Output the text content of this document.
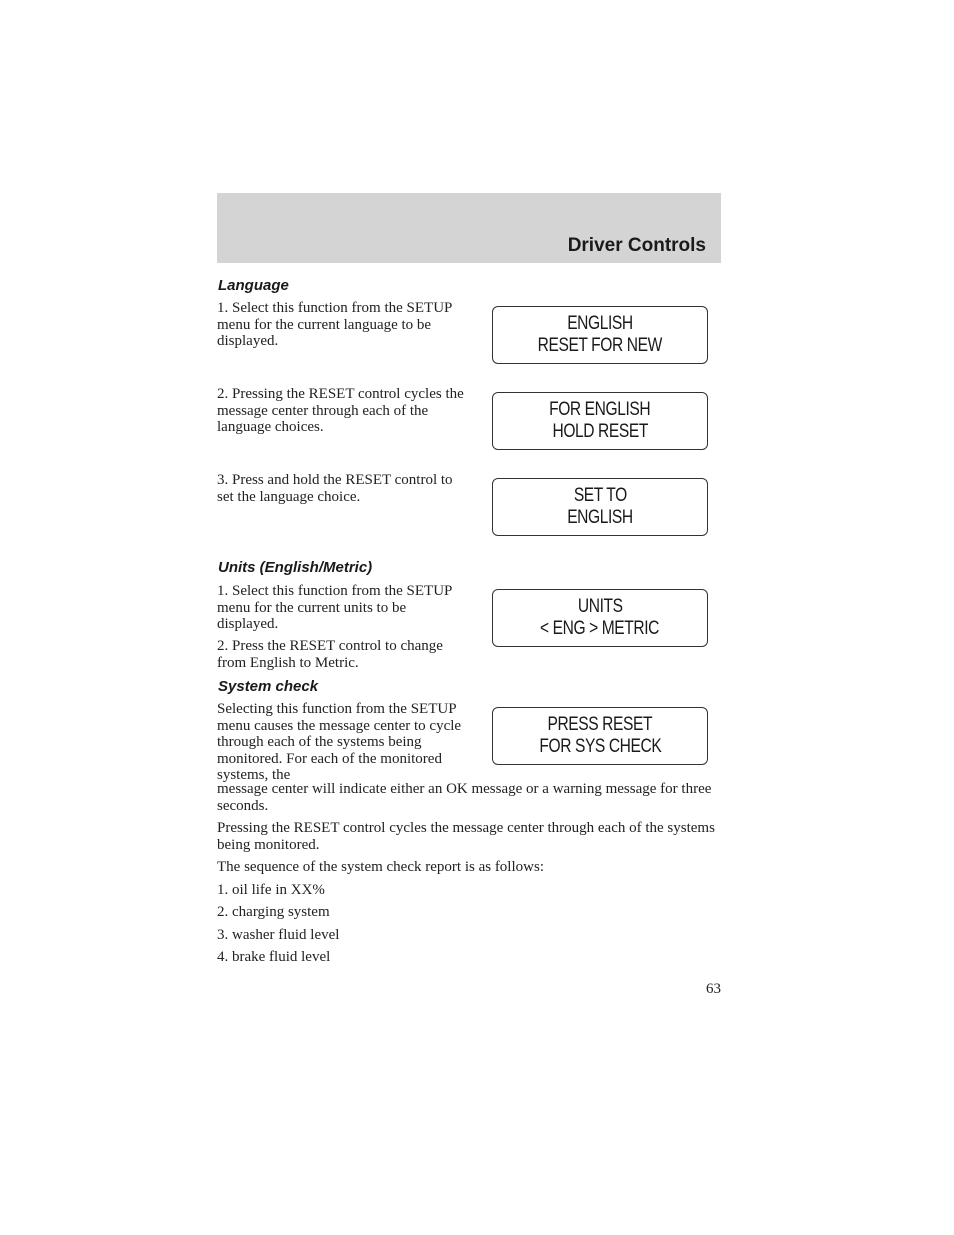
Driver Controls
Language
1. Select this function from the SETUP menu for the current language to be displayed.
2. Pressing the RESET control cycles the message center through each of the language choices.
3. Press and hold the RESET control to set the language choice.
ENGLISH
RESET FOR NEW
FOR ENGLISH
HOLD RESET
SET TO
ENGLISH
Units (English/Metric)
1. Select this function from the SETUP menu for the current units to be displayed.
2. Press the RESET control to change from English to Metric.
UNITS
< ENG > METRIC
System check
Selecting this function from the SETUP menu causes the message center to cycle through each of the systems being monitored. For each of the monitored systems, the
message center will indicate either an OK message or a warning message for three seconds.
Pressing the RESET control cycles the message center through each of the systems being monitored.
The sequence of the system check report is as follows:
1. oil life in XX%
2. charging system
3. washer fluid level
4. brake fluid level
PRESS RESET
FOR SYS CHECK
63
